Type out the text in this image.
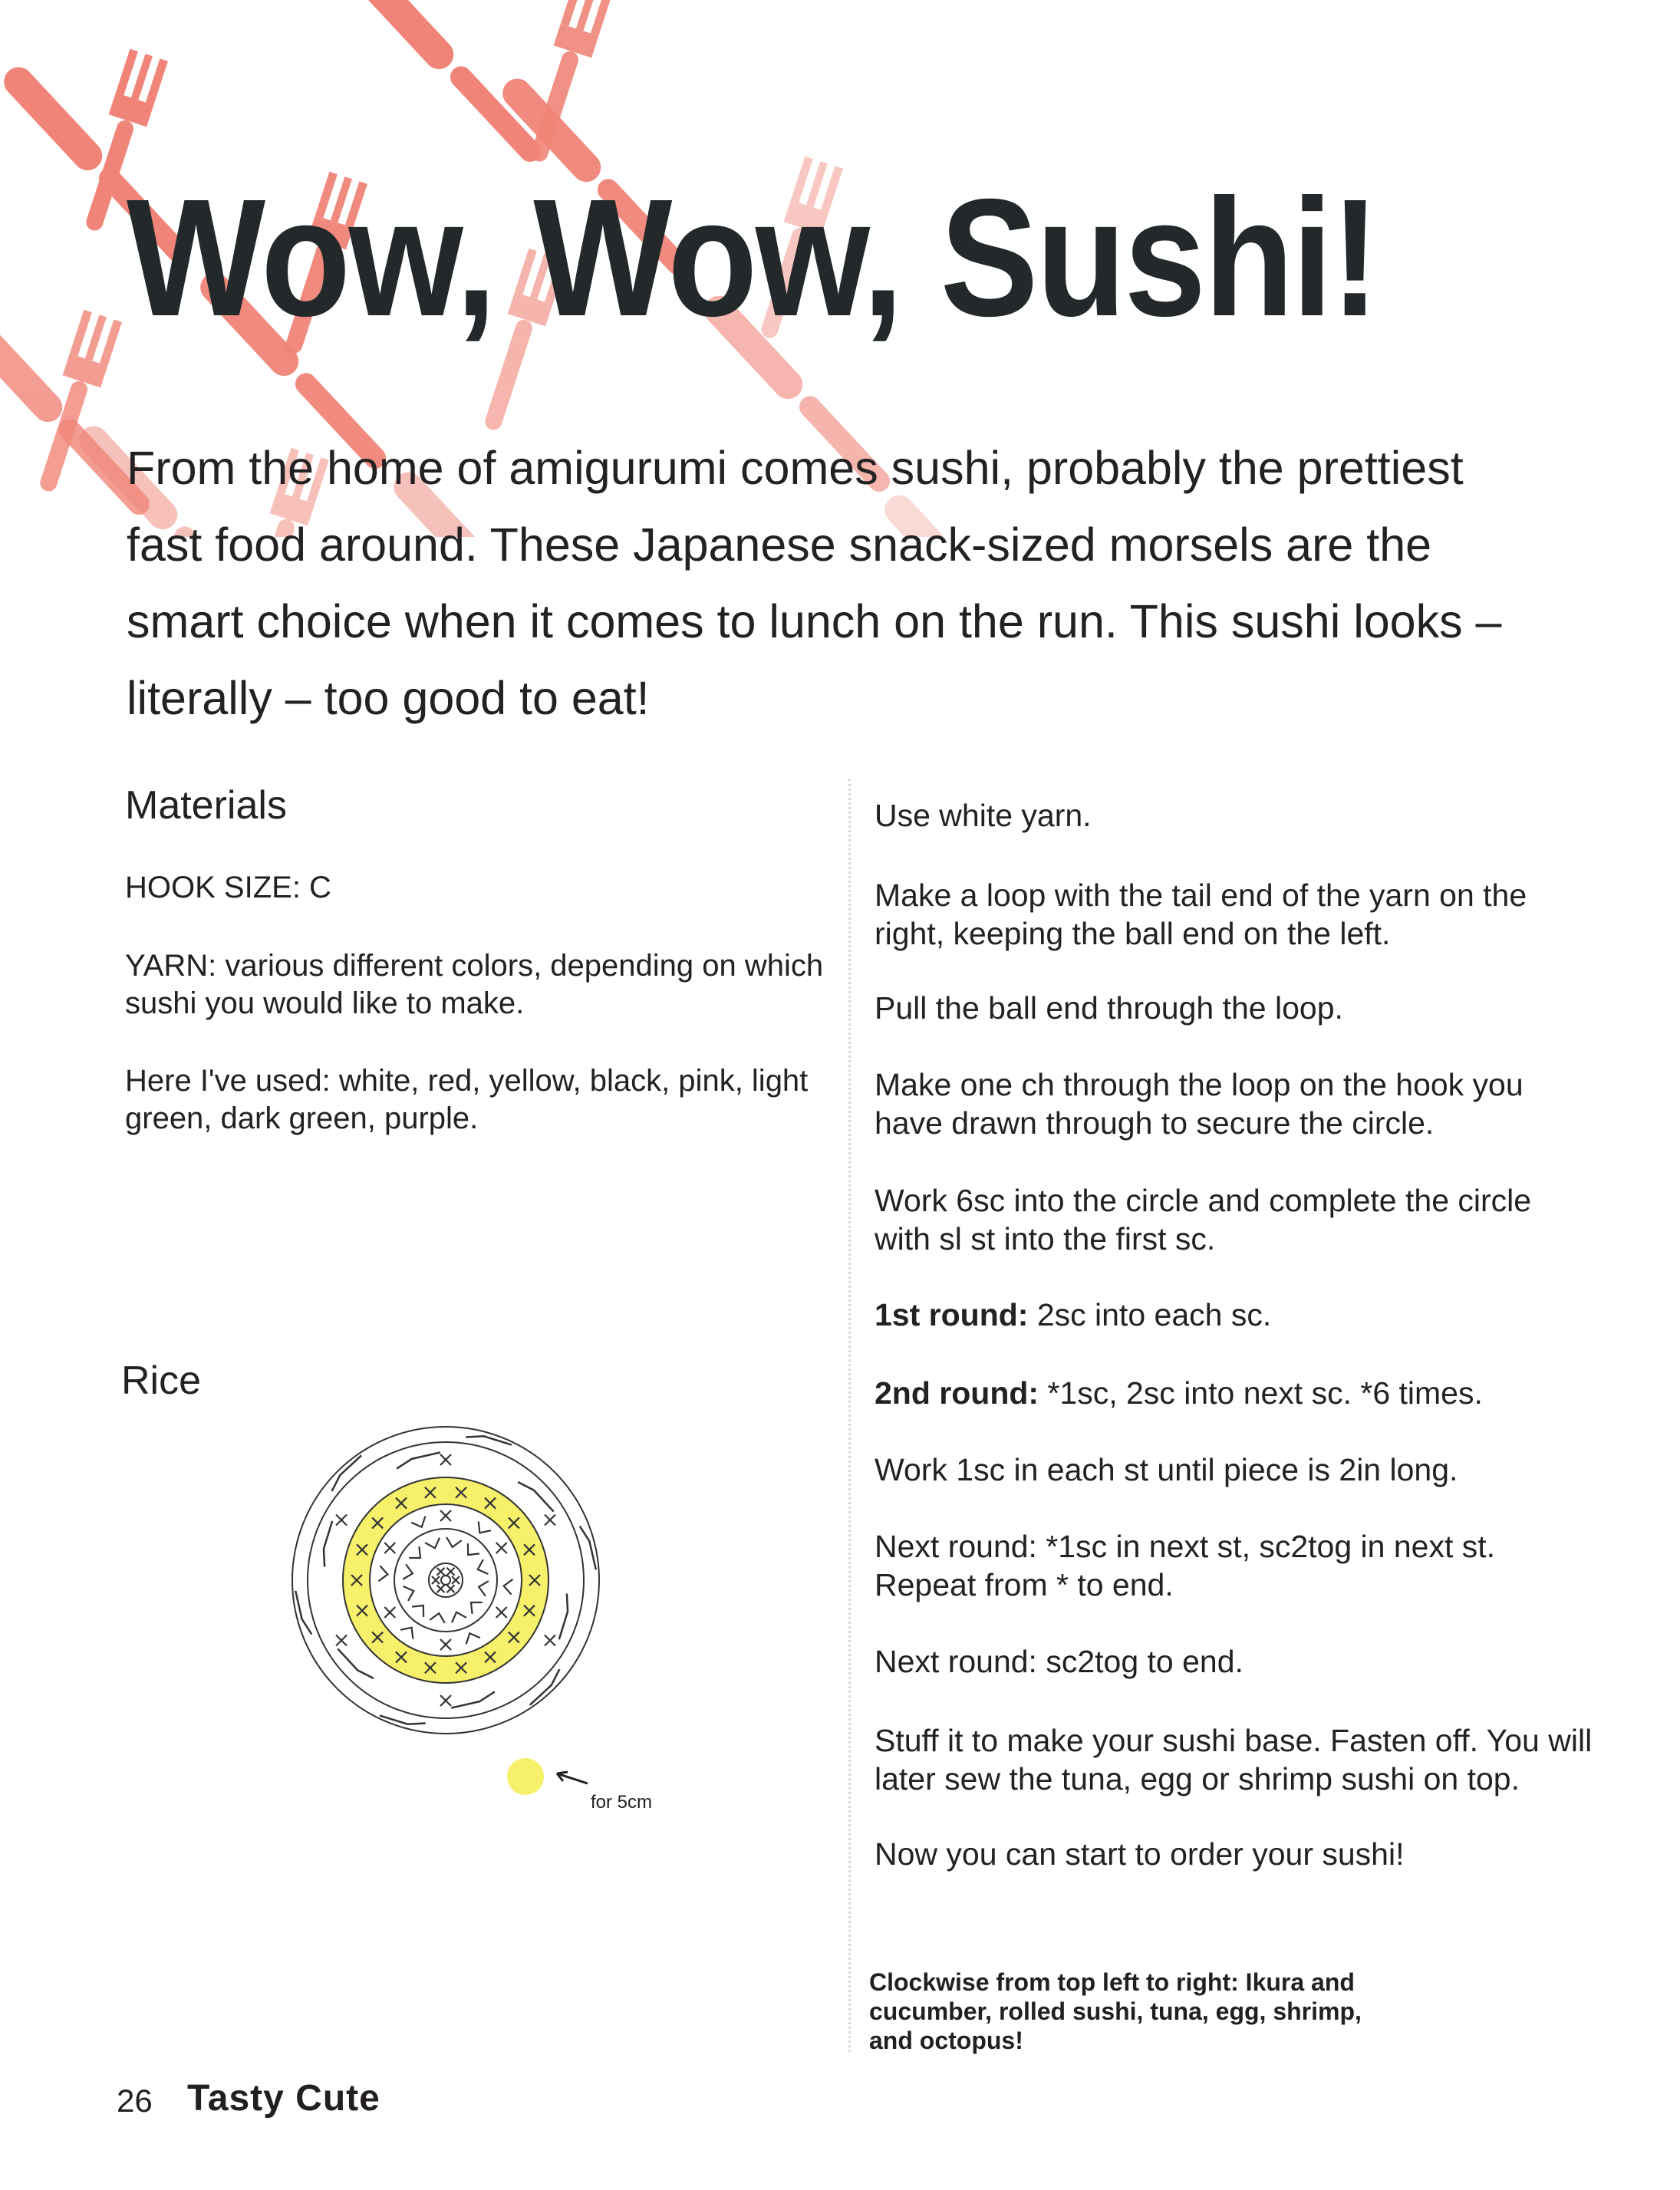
Wow, Wow, Sushi!
From the home of amigurumi comes sushi, probably the prettiest
fast food around. These Japanese snack-sized morsels are the
smart choice when it comes to lunch on the run. This sushi looks –
literally – too good to eat!
Materials
HOOK SIZE: C
YARN: various different colors, depending on which
sushi you would like to make.
Here I've used: white, red, yellow, black, pink, light
green, dark green, purple.
Rice
for 5cm
Use white yarn.
Make a loop with the tail end of the yarn on the
right, keeping the ball end on the left.
Pull the ball end through the loop.
Make one ch through the loop on the hook you
have drawn through to secure the circle.
Work 6sc into the circle and complete the circle
with sl st into the first sc.
1st round: 2sc into each sc.
2nd round: *1sc, 2sc into next sc. *6 times.
Work 1sc in each st until piece is 2in long.
Next round: *1sc in next st, sc2tog in next st.
Repeat from * to end.
Next round: sc2tog to end.
Stuff it to make your sushi base. Fasten off. You will
later sew the tuna, egg or shrimp sushi on top.
Now you can start to order your sushi!
Clockwise from top left to right: Ikura and
cucumber, rolled sushi, tuna, egg, shrimp,
and octopus!
26 Tasty Cute
